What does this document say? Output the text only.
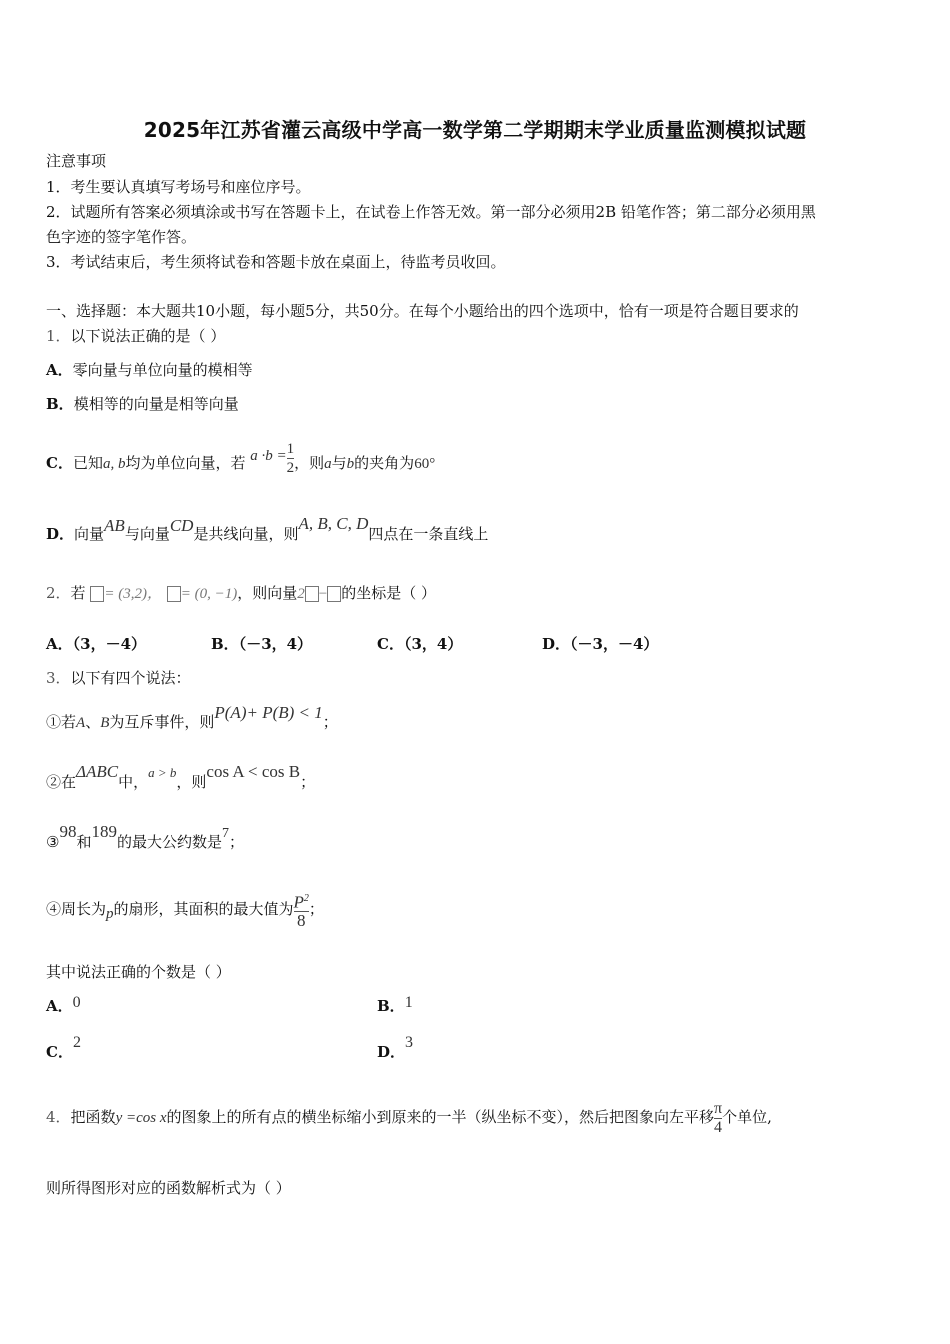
2025年江苏省灌云高级中学高一数学第二学期期末学业质量监测模拟试题
注意事项
1．考生要认真填写考场号和座位序号。
2．试题所有答案必须填涂或书写在答题卡上，在试卷上作答无效。第一部分必须用2B 铅笔作答；第二部分必须用黑
色字迹的签字笔作答。
3．考试结束后，考生须将试卷和答题卡放在桌面上，待监考员收回。
一、选择题：本大题共10小题，每小题5分，共50分。在每个小题给出的四个选项中，恰有一项是符合题目要求的
1．以下说法正确的是（ ）
A．零向量与单位向量的模相等
B．模相等的向量是相等向量
C．已知a, b均为单位向量，若 $a \cdot b = \frac{1}{2}$ ，则a与b的夹角为60°
D．向量AB与向量CD是共线向量，则A, B, C, D四点在一条直线上
2．若 = (3,2)， = (0, −1)，则向量2 − 的坐标是（ ）
A．（3，－4）	B．（－3，4）	C．（3，4）	D．（－3，－4）
3．以下有四个说法：
①若A、B为互斥事件，则P(A)+ P(B) < 1；
②在ΔABC中，a > b，则cos A < cos B；
③98和189的最大公约数是7；
④周长为p的扇形，其面积的最大值为 $\frac{P^2}{8}$ ；
其中说法正确的个数是（ ）
A．0	B．1
C．2
D．3
4．把函数y =cos x的图象上的所有点的横坐标缩小到原来的一半（纵坐标不变），然后把图象向左平移 $\frac{\pi}{4}$ 个单位,
则所得图形对应的函数解析式为（ ）
